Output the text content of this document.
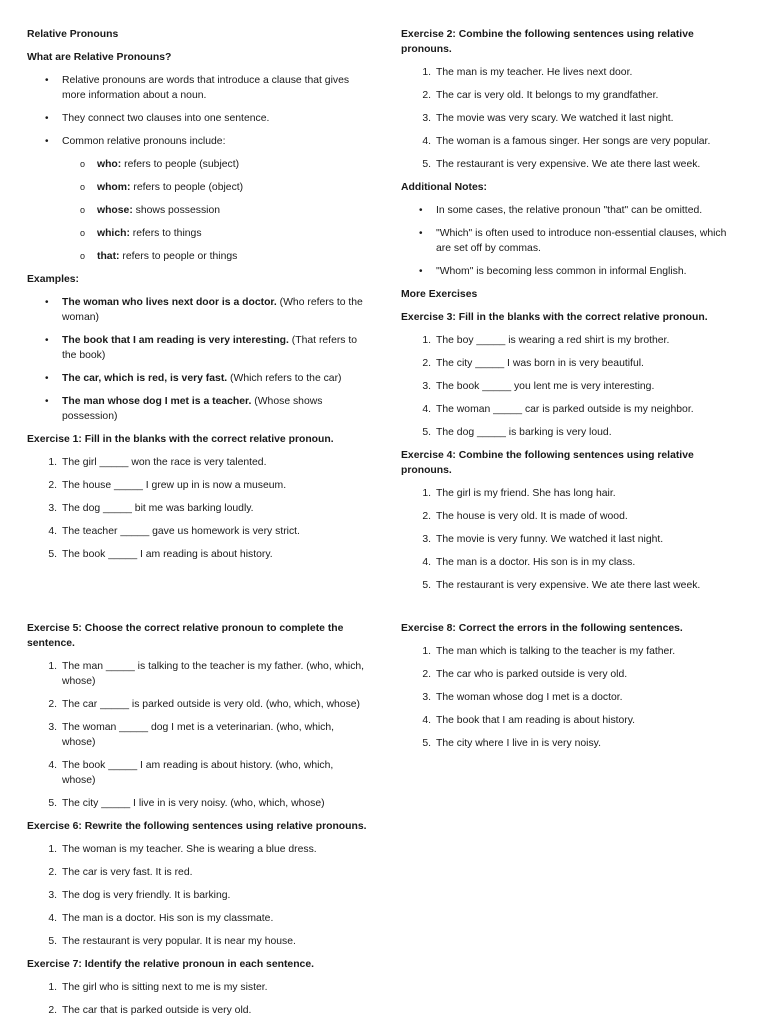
Relative Pronouns
What are Relative Pronouns?
• Relative pronouns are words that introduce a clause that gives more information about a noun.
• They connect two clauses into one sentence.
• Common relative pronouns include:
o who: refers to people (subject)
o whom: refers to people (object)
o whose: shows possession
o which: refers to things
o that: refers to people or things
Examples:
• The woman who lives next door is a doctor. (Who refers to the woman)
• The book that I am reading is very interesting. (That refers to the book)
• The car, which is red, is very fast. (Which refers to the car)
• The man whose dog I met is a teacher. (Whose shows possession)
Exercise 1: Fill in the blanks with the correct relative pronoun.
1. The girl _____ won the race is very talented.
2. The house _____ I grew up in is now a museum.
3. The dog _____ bit me was barking loudly.
4. The teacher _____ gave us homework is very strict.
5. The book _____ I am reading is about history.
Exercise 2: Combine the following sentences using relative pronouns.
1. The man is my teacher. He lives next door.
2. The car is very old. It belongs to my grandfather.
3. The movie was very scary. We watched it last night.
4. The woman is a famous singer. Her songs are very popular.
5. The restaurant is very expensive. We ate there last week.
Additional Notes:
• In some cases, the relative pronoun "that" can be omitted.
• "Which" is often used to introduce non-essential clauses, which are set off by commas.
• "Whom" is becoming less common in informal English.
More Exercises
Exercise 3: Fill in the blanks with the correct relative pronoun.
1. The boy _____ is wearing a red shirt is my brother.
2. The city _____ I was born in is very beautiful.
3. The book _____ you lent me is very interesting.
4. The woman _____ car is parked outside is my neighbor.
5. The dog _____ is barking is very loud.
Exercise 4: Combine the following sentences using relative pronouns.
1. The girl is my friend. She has long hair.
2. The house is very old. It is made of wood.
3. The movie is very funny. We watched it last night.
4. The man is a doctor. His son is in my class.
5. The restaurant is very expensive. We ate there last week.
Exercise 5: Choose the correct relative pronoun to complete the sentence.
1. The man _____ is talking to the teacher is my father. (who, which, whose)
2. The car _____ is parked outside is very old. (who, which, whose)
3. The woman _____ dog I met is a veterinarian. (who, which, whose)
4. The book _____ I am reading is about history. (who, which, whose)
5. The city _____ I live in is very noisy. (who, which, whose)
Exercise 6: Rewrite the following sentences using relative pronouns.
1. The woman is my teacher. She is wearing a blue dress.
2. The car is very fast. It is red.
3. The dog is very friendly. It is barking.
4. The man is a doctor. His son is my classmate.
5. The restaurant is very popular. It is near my house.
Exercise 7: Identify the relative pronoun in each sentence.
1. The girl who is sitting next to me is my sister.
2. The car that is parked outside is very old.
Exercise 8: Correct the errors in the following sentences.
1. The man which is talking to the teacher is my father.
2. The car who is parked outside is very old.
3. The woman whose dog I met is a doctor.
4. The book that I am reading is about history.
5. The city where I live in is very noisy.
